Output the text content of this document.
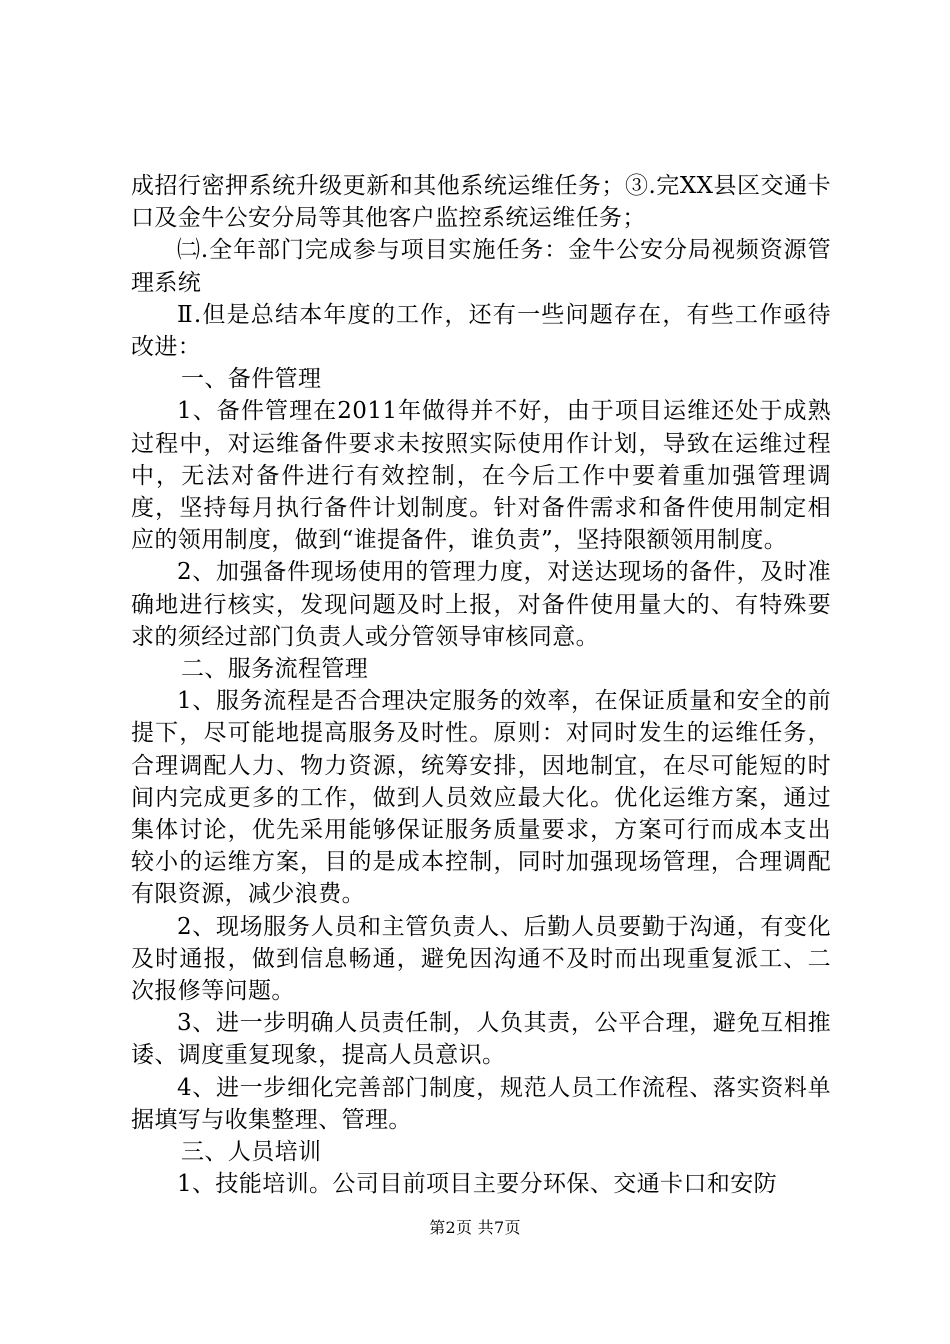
成招行密押系统升级更新和其他系统运维任务；③.完XX县区交通卡口及金牛公安分局等其他客户监控系统运维任务；

㈡.全年部门完成参与项目实施任务：金牛公安分局视频资源管理系统

Ⅱ.但是总结本年度的工作，还有一些问题存在，有些工作亟待改进：

一、备件管理

1、备件管理在2011年做得并不好，由于项目运维还处于成熟过程中，对运维备件要求未按照实际使用作计划，导致在运维过程中，无法对备件进行有效控制，在今后工作中要着重加强管理调度，坚持每月执行备件计划制度。针对备件需求和备件使用制定相应的领用制度，做到“谁提备件，谁负责”，坚持限额领用制度。

2、加强备件现场使用的管理力度，对送达现场的备件，及时准确地进行核实，发现问题及时上报，对备件使用量大的、有特殊要求的须经过部门负责人或分管领导审核同意。

二、服务流程管理

1、服务流程是否合理决定服务的效率，在保证质量和安全的前提下，尽可能地提高服务及时性。原则：对同时发生的运维任务，合理调配人力、物力资源，统筹安排，因地制宜，在尽可能短的时间内完成更多的工作，做到人员效应最大化。优化运维方案，通过集体讨论，优先采用能够保证服务质量要求，方案可行而成本支出较小的运维方案，目的是成本控制，同时加强现场管理，合理调配有限资源，减少浪费。

2、现场服务人员和主管负责人、后勤人员要勤于沟通，有变化及时通报，做到信息畅通，避免因沟通不及时而出现重复派工、二次报修等问题。

3、进一步明确人员责任制，人负其责，公平合理，避免互相推诿、调度重复现象，提高人员意识。

4、进一步细化完善部门制度，规范人员工作流程、落实资料单据填写与收集整理、管理。

三、人员培训

1、技能培训。公司目前项目主要分环保、交通卡口和安防

第2页 共7页
